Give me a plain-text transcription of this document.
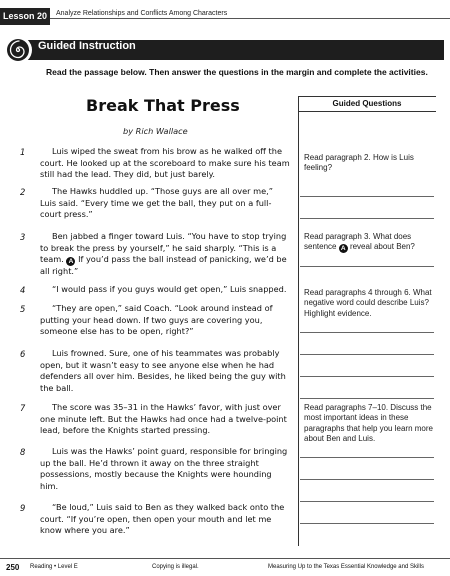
Lesson 20	Analyze Relationships and Conflicts Among Characters
Guided Instruction
Read the passage below. Then answer the questions in the margin and complete the activities.
Break That Press
by Rich Wallace
1	Luis wiped the sweat from his brow as he walked off the court. He looked up at the scoreboard to make sure his team still had the lead. They did, but just barely.
2	The Hawks huddled up. “Those guys are all over me,” Luis said. “Every time we get the ball, they put on a full-court press.”
3	Ben jabbed a finger toward Luis. “You have to stop trying to break the press by yourself,” he said sharply. “This is a team. A If you’d pass the ball instead of panicking, we’d be all right.”
4	“I would pass if you guys would get open,” Luis snapped.
5	“They are open,” said Coach. “Look around instead of putting your head down. If two guys are covering you, someone else has to be open, right?”
6	Luis frowned. Sure, one of his teammates was probably open, but it wasn’t easy to see anyone else when he had defenders all over him. Besides, he liked being the guy with the ball.
7	The score was 35–31 in the Hawks’ favor, with just over one minute left. But the Hawks had once had a twelve-point lead, before the Knights started pressing.
8	Luis was the Hawks’ point guard, responsible for bringing up the ball. He’d thrown it away on the three straight possessions, mostly because the Knights were hounding him.
9	“Be loud,” Luis said to Ben as they walked back onto the court. “If you’re open, then open your mouth and let me know where you are.”
Guided Questions
Read paragraph 2. How is Luis feeling?
Read paragraph 3. What does sentence A reveal about Ben?
Read paragraphs 4 through 6. What negative word could describe Luis? Highlight evidence.
Read paragraphs 7–10. Discuss the most important ideas in these paragraphs that help you learn more about Ben and Luis.
250 Reading • Level E	Copying is illegal.	Measuring Up to the Texas Essential Knowledge and Skills
